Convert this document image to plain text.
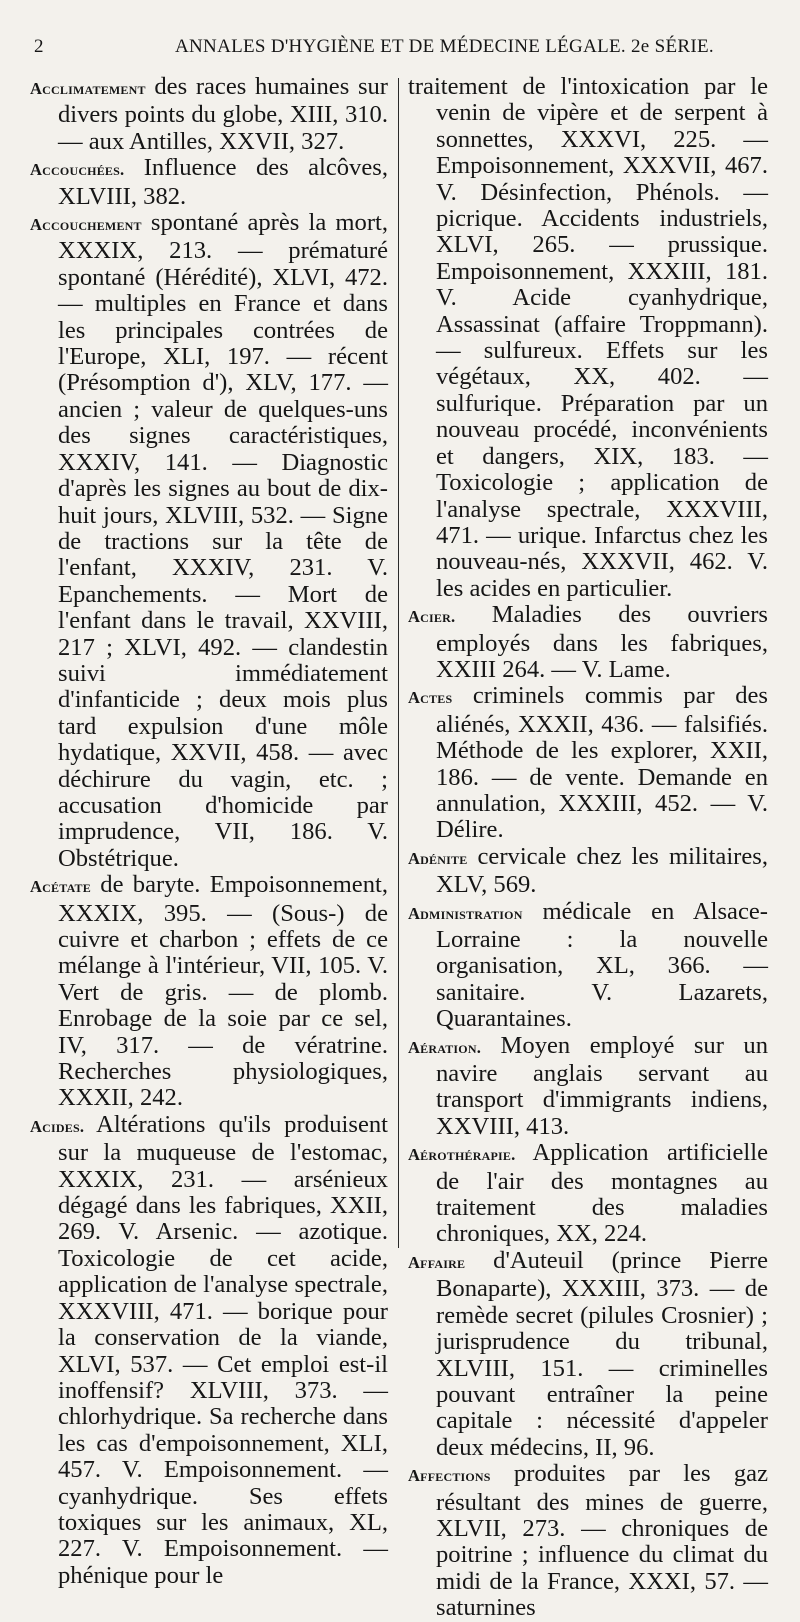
2	ANNALES D'HYGIÈNE ET DE MÉDECINE LÉGALE. 2e SÉRIE.

Acclimatement des races humaines sur divers points du globe, XIII, 310. — aux Antilles, XXVII, 327.

Accouchées. Influence des alcôves, XLVIII, 382.

Accouchement spontané après la mort, XXXIX, 213. — prématuré spontané (Hérédité), XLVI, 472. — multiples en France et dans les principales contrées de l'Europe, XLI, 197. — récent (Présomption d'), XLV, 177. — ancien ; valeur de quelques-uns des signes caractéristiques, XXXIV, 141. — Diagnostic d'après les signes au bout de dix-huit jours, XLVIII, 532. — Signe de tractions sur la tête de l'enfant, XXXIV, 231. V. Epanchements. — Mort de l'enfant dans le travail, XXVIII, 217 ; XLVI, 492. — clandestin suivi immédiatement d'infanticide ; deux mois plus tard expulsion d'une môle hydatique, XXVII, 458. — avec déchirure du vagin, etc. ; accusation d'homicide par imprudence, VII, 186. V. Obstétrique.

Acétate de baryte. Empoisonnement, XXXIX, 395. — (Sous-) de cuivre et charbon ; effets de ce mélange à l'intérieur, VII, 105. V. Vert de gris. — de plomb. Enrobage de la soie par ce sel, IV, 317. — de vératrine. Recherches physiologiques, XXXII, 242.

Acides. Altérations qu'ils produisent sur la muqueuse de l'estomac, XXXIX, 231. — arsénieux dégagé dans les fabriques, XXII, 269. V. Arsenic. — azotique. Toxicologie de cet acide, application de l'analyse spectrale, XXXVIII, 471. — borique pour la conservation de la viande, XLVI, 537. — Cet emploi est-il inoffensif? XLVIII, 373. — chlorhydrique. Sa recherche dans les cas d'empoisonnement, XLI, 457. V. Empoisonnement. — cyanhydrique. Ses effets toxiques sur les animaux, XL, 227. V. Empoisonnement. — phénique pour le

traitement de l'intoxication par le venin de vipère et de serpent à sonnettes, XXXVI, 225. — Empoisonnement, XXXVII, 467. V. Désinfection, Phénols. — picrique. Accidents industriels, XLVI, 265. — prussique. Empoisonnement, XXXIII, 181. V. Acide cyanhydrique, Assassinat (affaire Troppmann). — sulfureux. Effets sur les végétaux, XX, 402. — sulfurique. Préparation par un nouveau procédé, inconvénients et dangers, XIX, 183. — Toxicologie ; application de l'analyse spectrale, XXXVIII, 471. — urique. Infarctus chez les nouveau-nés, XXXVII, 462. V. les acides en particulier.

Acier. Maladies des ouvriers employés dans les fabriques, XXIII 264. — V. Lame.

Actes criminels commis par des aliénés, XXXII, 436. — falsifiés. Méthode de les explorer, XXII, 186. — de vente. Demande en annulation, XXXIII, 452. — V. Délire.

Adénite cervicale chez les militaires, XLV, 569.

Administration médicale en Alsace-Lorraine : la nouvelle organisation, XL, 366. — sanitaire. V. Lazarets, Quarantaines.

Aération. Moyen employé sur un navire anglais servant au transport d'immigrants indiens, XXVIII, 413.

Aérothérapie. Application artificielle de l'air des montagnes au traitement des maladies chroniques, XX, 224.

Affaire d'Auteuil (prince Pierre Bonaparte), XXXIII, 373. — de remède secret (pilules Crosnier) ; jurisprudence du tribunal, XLVIII, 151. — criminelles pouvant entraîner la peine capitale : nécessité d'appeler deux médecins, II, 96.

Affections produites par les gaz résultant des mines de guerre, XLVII, 273. — chroniques de poitrine ; influence du climat du midi de la France, XXXI, 57. — saturnines
